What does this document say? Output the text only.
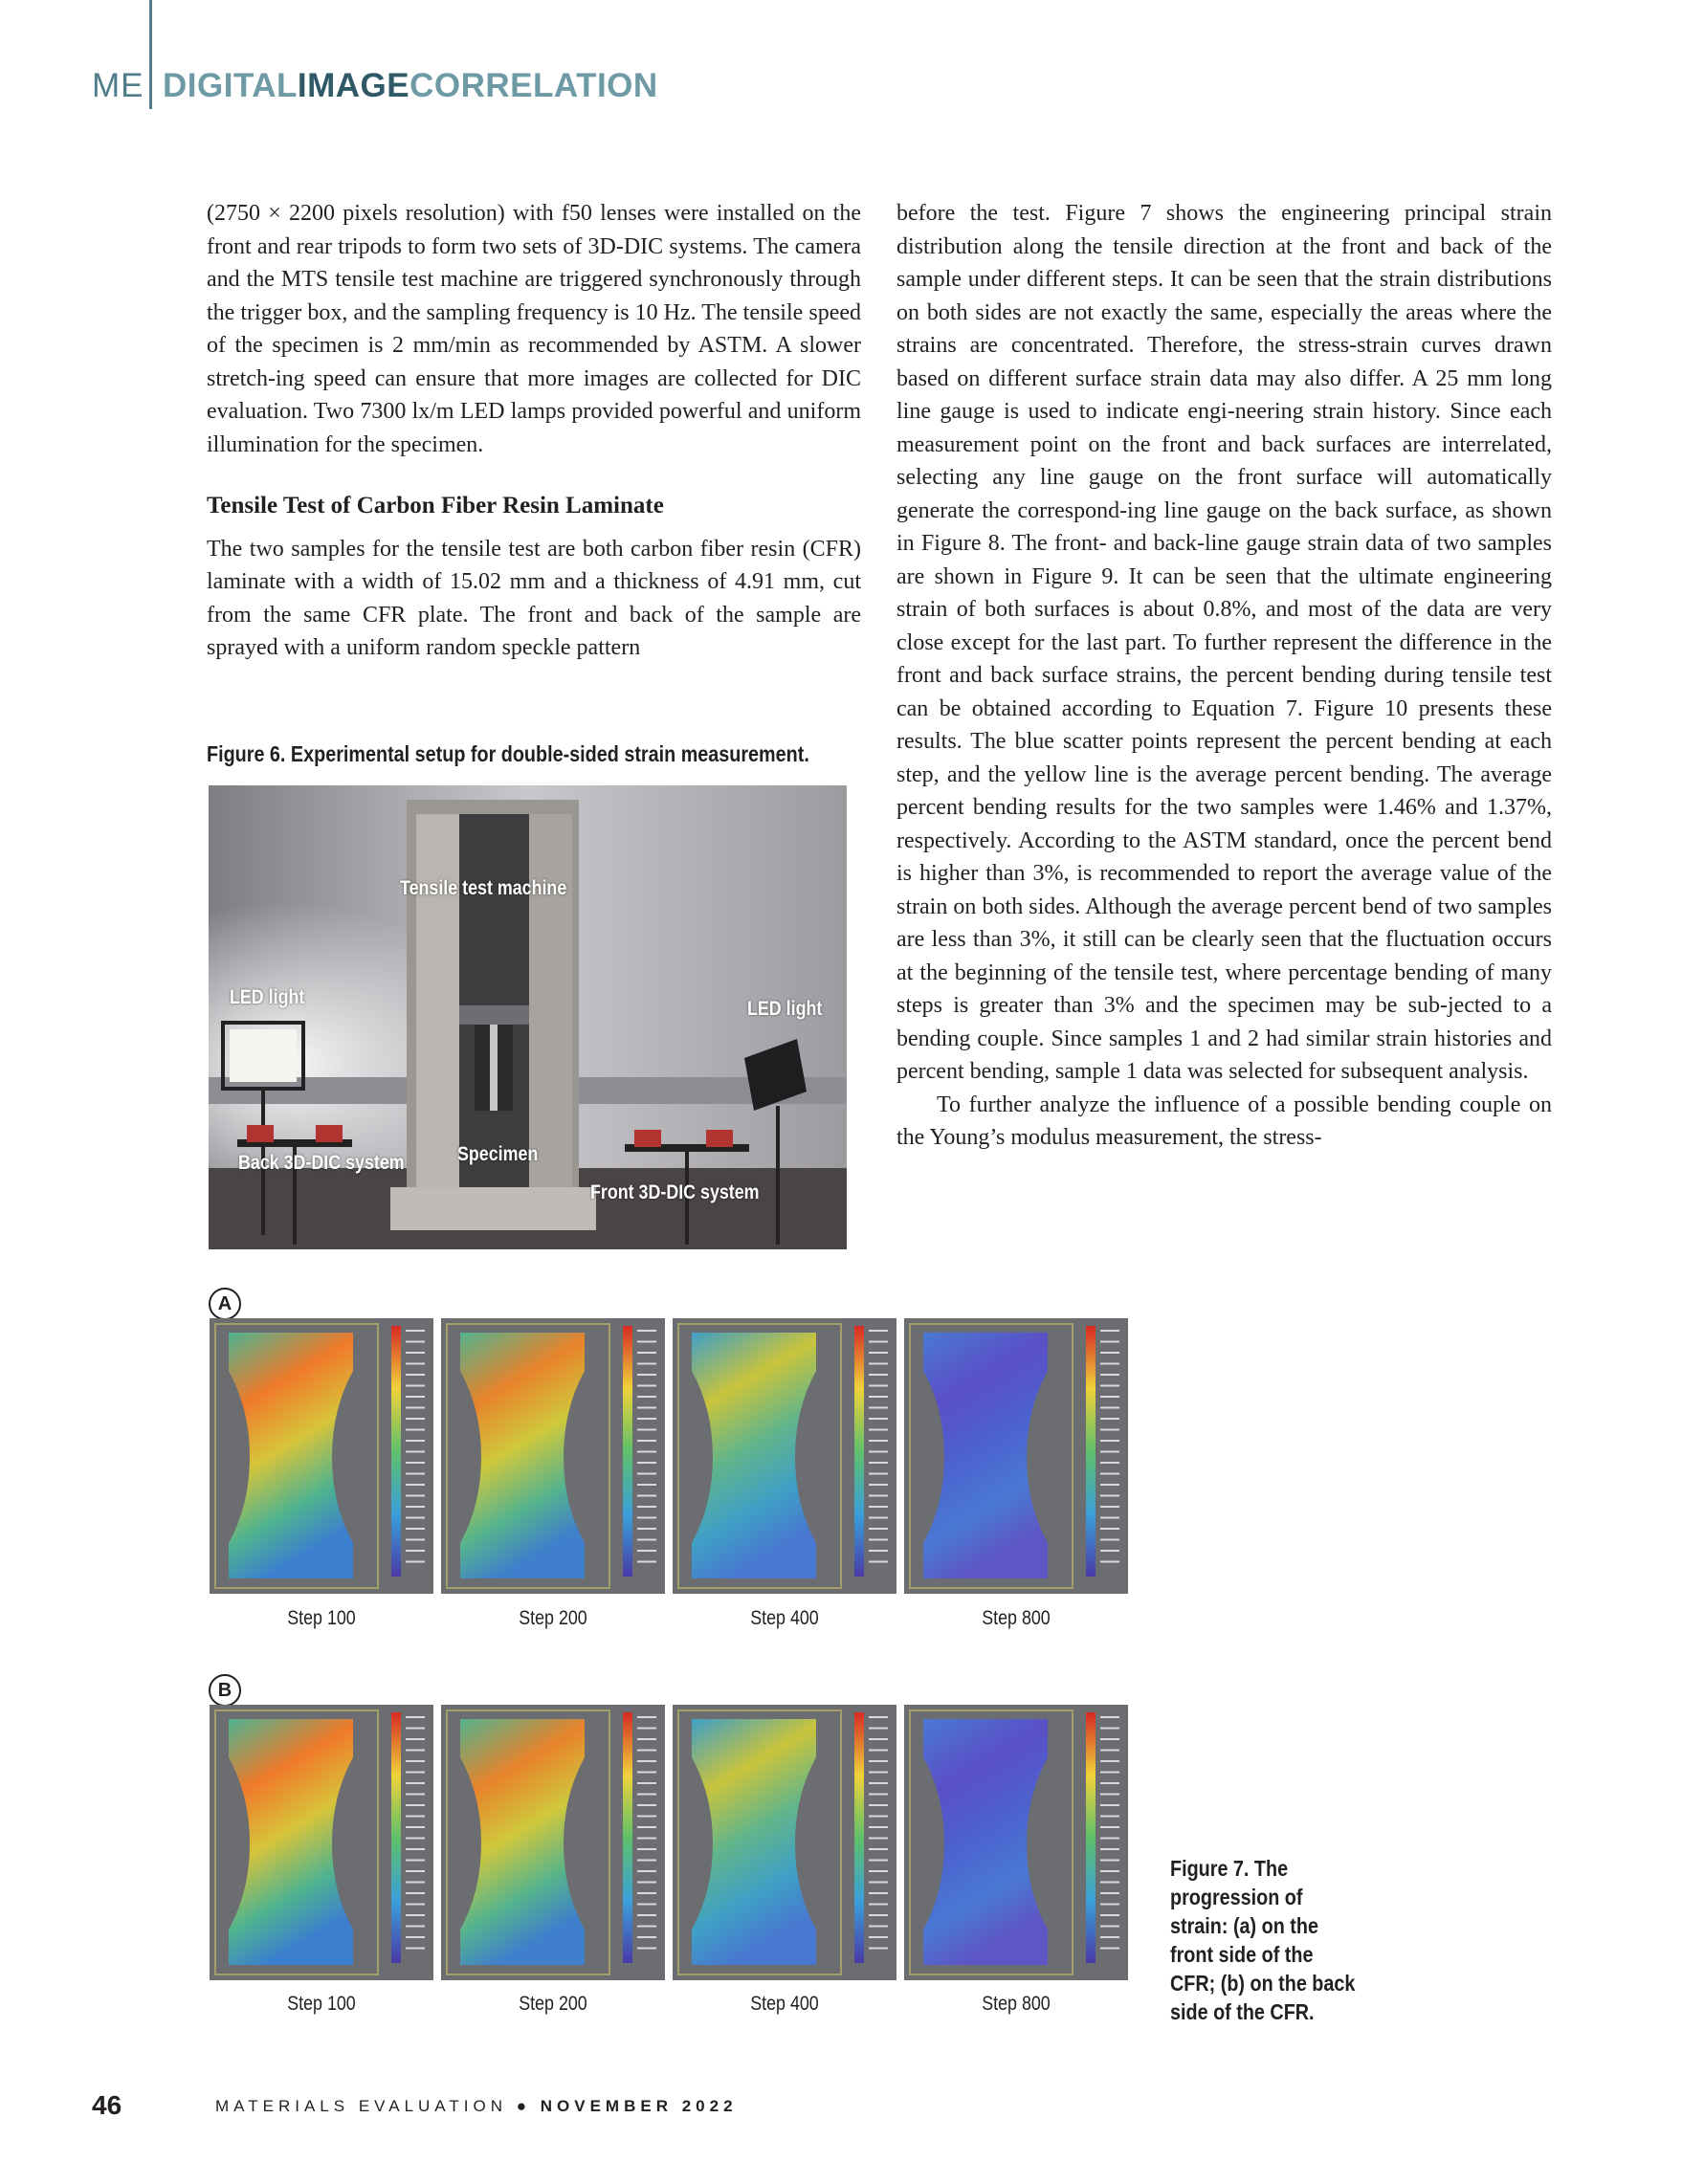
ME DIGITALIMAGECORRELATION

(2750 × 2200 pixels resolution) with f50 lenses were installed on the front and rear tripods to form two sets of 3D-DIC systems. The camera and the MTS tensile test machine are triggered synchronously through the trigger box, and the sampling frequency is 10 Hz. The tensile speed of the specimen is 2 mm/min as recommended by ASTM. A slower stretch-ing speed can ensure that more images are collected for DIC evaluation. Two 7300 lx/m LED lamps provided powerful and uniform illumination for the specimen.

Tensile Test of Carbon Fiber Resin Laminate

The two samples for the tensile test are both carbon fiber resin (CFR) laminate with a width of 15.02 mm and a thickness of 4.91 mm, cut from the same CFR plate. The front and back of the sample are sprayed with a uniform random speckle pattern

Figure 6. Experimental setup for double-sided strain measurement.
Tensile test machine
LED light
LED light
Back 3D-DIC system	Specimen
Front 3D-DIC system

before the test. Figure 7 shows the engineering principal strain distribution along the tensile direction at the front and back of the sample under different steps. It can be seen that the strain distributions on both sides are not exactly the same, especially the areas where the strains are concentrated. Therefore, the stress-strain curves drawn based on different surface strain data may also differ. A 25 mm long line gauge is used to indicate engi-neering strain history. Since each measurement point on the front and back surfaces are interrelated, selecting any line gauge on the front surface will automatically generate the correspond-ing line gauge on the back surface, as shown in Figure 8. The front- and back-line gauge strain data of two samples are shown in Figure 9. It can be seen that the ultimate engineering strain of both surfaces is about 0.8%, and most of the data are very close except for the last part. To further represent the difference in the front and back surface strains, the percent bending during tensile test can be obtained according to Equation 7. Figure 10 presents these results. The blue scatter points represent the percent bending at each step, and the yellow line is the average percent bending. The average percent bending results for the two samples were 1.46% and 1.37%, respectively. According to the ASTM standard, once the percent bend is higher than 3%, is recommended to report the average value of the strain on both sides. Although the average percent bend of two samples are less than 3%, it still can be clearly seen that the fluctuation occurs at the beginning of the tensile test, where percentage bending of many steps is greater than 3% and the specimen may be sub-jected to a bending couple. Since samples 1 and 2 had similar strain histories and percent bending, sample 1 data was selected for subsequent analysis.

To further analyze the influence of a possible bending couple on the Young’s modulus measurement, the stress-

A
B
Step 100	Step 200	Step 400	Step 800
Step 100	Step 200	Step 400	Step 800
Figure 7. The progression of strain: (a) on the front side of the CFR; (b) on the back side of the CFR.
46	MATERIALS EVALUATION ● NOVEMBER 2022
